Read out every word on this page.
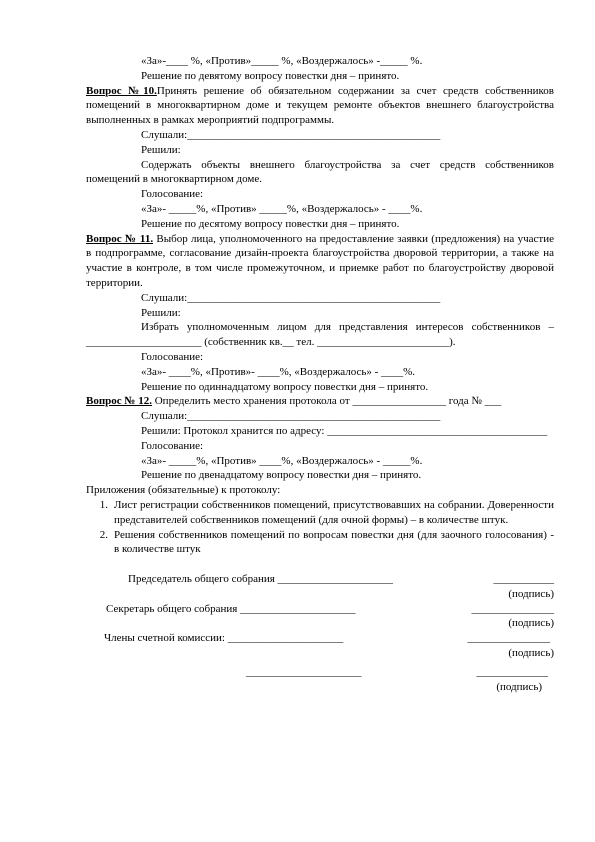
«За»-____ %, «Против»_____ %, «Воздержалось» -_____ %.

Решение по девятому вопросу повестки дня – принято.

Вопрос №10.Принять решение об обязательном содержании за счет средств собственников помещений в многоквартирном доме и текущем ремонте объектов внешнего благоустройства выполненных в рамках мероприятий подпрограммы.

Слушали:______________________________________________

Решили:

Содержать объекты внешнего благоустройства за счет средств собственников помещений в многоквартирном доме.

Голосование:

«За»- _____%, «Против» _____%, «Воздержалось» - ____%.

Решение по десятому вопросу повестки дня – принято.

Вопрос № 11. Выбор лица, уполномоченного на предоставление заявки (предложения) на участие в подпрограмме, согласование дизайн-проекта благоустройства дворовой территории, а также на участие в контроле, в том числе промежуточном, и приемке работ по благоустройству дворовой территории.

Слушали:______________________________________________

Решили:

Избрать уполномоченным лицом для представления интересов собственников – _____________________ (собственник кв.__ тел. ________________________).

Голосование:

«За»- ____%, «Против»- ____%, «Воздержалось» - ____%.

Решение по одиннадцатому вопросу повестки дня – принято.

Вопрос № 12. Определить место хранения протокола от _________________ года № ___

Слушали:______________________________________________

Решили: Протокол хранится по адресу: ________________________________________

Голосование:

«За»- _____%, «Против» ____%, «Воздержалось» - _____%.

Решение по двенадцатому вопросу повестки дня – принято.

Приложения (обязательные) к протоколу:

1. Лист регистрации собственников помещений, присутствовавших на собрании. Доверенности представителей собственников помещений (для очной формы) – в количестве штук.
2. Решения собственников помещений по вопросам повестки дня (для заочного голосования) - в количестве штук
Председатель общего собрания _____________________	___________
(подпись)
Секретарь общего собрания _____________________	_______________
(подпись)
Члены счетной комиссии: _____________________	_______________
(подпись)
_____________________	_____________
(подпись)
